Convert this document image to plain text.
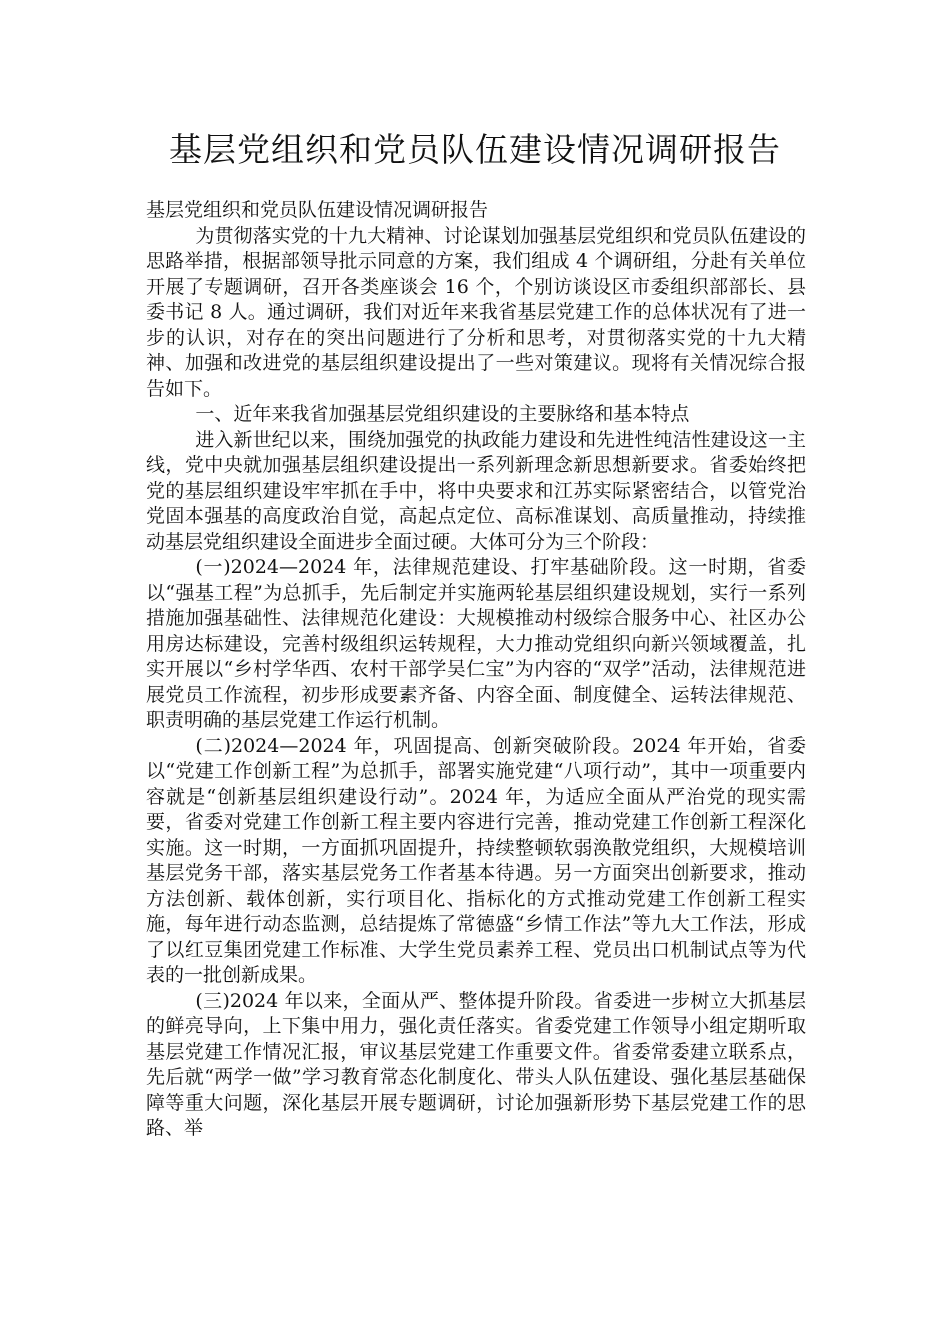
基层党组织和党员队伍建设情况调研报告

基层党组织和党员队伍建设情况调研报告

为贯彻落实党的十九大精神、讨论谋划加强基层党组织和党员队伍建设的思路举措，根据部领导批示同意的方案，我们组成 4 个调研组，分赴有关单位开展了专题调研，召开各类座谈会 16 个，个别访谈设区市委组织部部长、县委书记 8 人。通过调研，我们对近年来我省基层党建工作的总体状况有了进一步的认识，对存在的突出问题进行了分析和思考，对贯彻落实党的十九大精神、加强和改进党的基层组织建设提出了一些对策建议。现将有关情况综合报告如下。

一、近年来我省加强基层党组织建设的主要脉络和基本特点

进入新世纪以来，围绕加强党的执政能力建设和先进性纯洁性建设这一主线，党中央就加强基层组织建设提出一系列新理念新思想新要求。省委始终把党的基层组织建设牢牢抓在手中，将中央要求和江苏实际紧密结合，以管党治党固本强基的高度政治自觉，高起点定位、高标准谋划、高质量推动，持续推动基层党组织建设全面进步全面过硬。大体可分为三个阶段：

(一)2024—2024 年，法律规范建设、打牢基础阶段。这一时期，省委以“强基工程”为总抓手，先后制定并实施两轮基层组织建设规划，实行一系列措施加强基础性、法律规范化建设：大规模推动村级综合服务中心、社区办公用房达标建设，完善村级组织运转规程，大力推动党组织向新兴领域覆盖，扎实开展以“乡村学华西、农村干部学吴仁宝”为内容的“双学”活动，法律规范进展党员工作流程，初步形成要素齐备、内容全面、制度健全、运转法律规范、职责明确的基层党建工作运行机制。

(二)2024—2024 年，巩固提高、创新突破阶段。2024 年开始，省委以“党建工作创新工程”为总抓手，部署实施党建“八项行动”，其中一项重要内容就是“创新基层组织建设行动”。2024 年，为适应全面从严治党的现实需要，省委对党建工作创新工程主要内容进行完善，推动党建工作创新工程深化实施。这一时期，一方面抓巩固提升，持续整顿软弱涣散党组织，大规模培训基层党务干部，落实基层党务工作者基本待遇。另一方面突出创新要求，推动方法创新、载体创新，实行项目化、指标化的方式推动党建工作创新工程实施，每年进行动态监测，总结提炼了常德盛“乡情工作法”等九大工作法，形成了以红豆集团党建工作标准、大学生党员素养工程、党员出口机制试点等为代表的一批创新成果。

(三)2024 年以来，全面从严、整体提升阶段。省委进一步树立大抓基层的鲜亮导向，上下集中用力，强化责任落实。省委党建工作领导小组定期听取基层党建工作情况汇报，审议基层党建工作重要文件。省委常委建立联系点，先后就“两学一做”学习教育常态化制度化、带头人队伍建设、强化基层基础保障等重大问题，深化基层开展专题调研，讨论加强新形势下基层党建工作的思路、举
